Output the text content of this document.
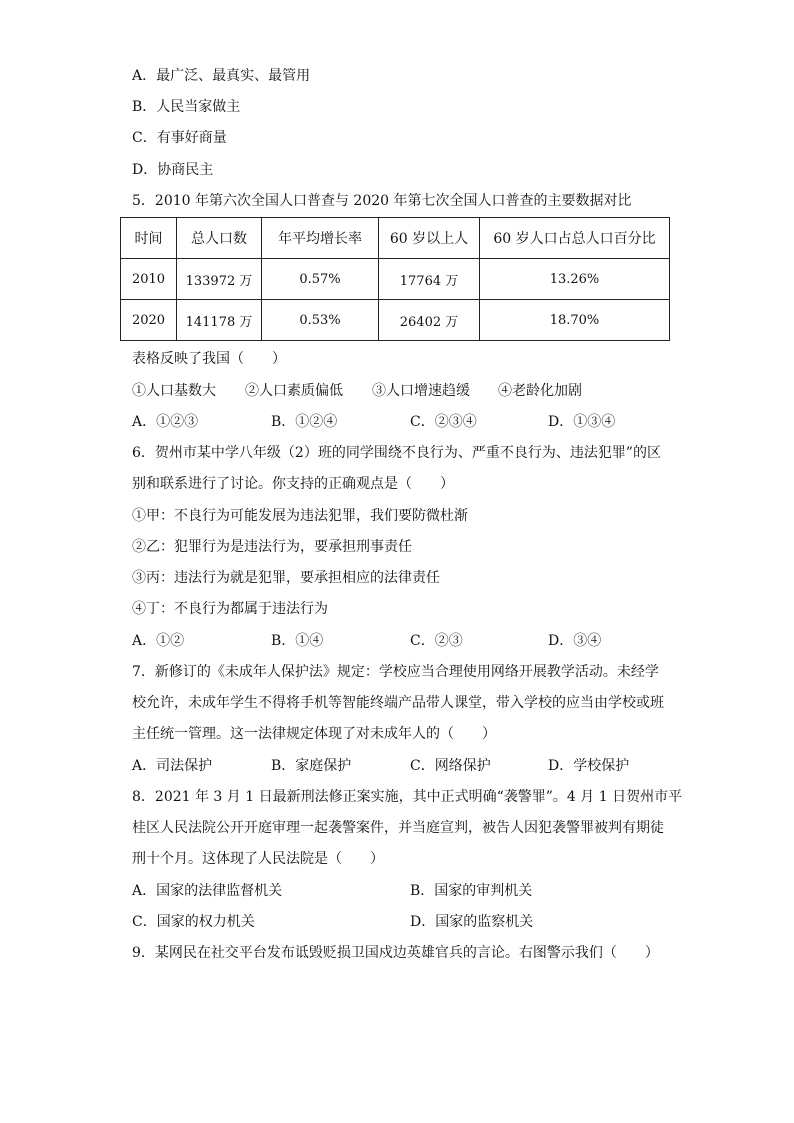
A．最广泛、最真实、最管用
B．人民当家做主
C．有事好商量
D．协商民主
5．2010 年第六次全国人口普查与 2020 年第七次全国人口普查的主要数据对比
时间	总人口数	年平均增长率	60 岁以上人	60 岁人口占总人口百分比
2010	133972 万	0.57%	17764 万	13.26%
2020	141178 万	0.53%	26402 万	18.70%
表格反映了我国（　　）
①人口基数大 ②人口素质偏低 ③人口增速趋缓 ④老龄化加剧
A．①②③	B．①②④	C．②③④	D．①③④
6．贺州市某中学八年级（2）班的同学围绕不良行为、严重不良行为、违法犯罪”的区
别和联系进行了讨论。你支持的正确观点是（　　）
①甲：不良行为可能发展为违法犯罪，我们要防微杜渐
②乙：犯罪行为是违法行为，要承担刑事责任
③丙：违法行为就是犯罪，要承担相应的法律责任
④丁：不良行为都属于违法行为
A．①②	B．①④	C．②③	D．③④
7．新修订的《未成年人保护法》规定：学校应当合理使用网络开展教学活动。未经学
校允许，未成年学生不得将手机等智能终端产品带人课堂，带入学校的应当由学校或班
主任统一管理。这一法律规定体现了对未成年人的（　　）
A．司法保护	B．家庭保护	C．网络保护	D．学校保护
8．2021 年 3 月 1 日最新刑法修正案实施，其中正式明确“袭警罪”。4 月 1 日贺州市平
桂区人民法院公开开庭审理一起袭警案件，并当庭宣判，被告人因犯袭警罪被判有期徒
刑十个月。这体现了人民法院是（　　）
A．国家的法律监督机关	B．国家的审判机关
C．国家的权力机关	D．国家的监察机关
9．某网民在社交平台发布诋毁贬损卫国戍边英雄官兵的言论。右图警示我们（　　）
